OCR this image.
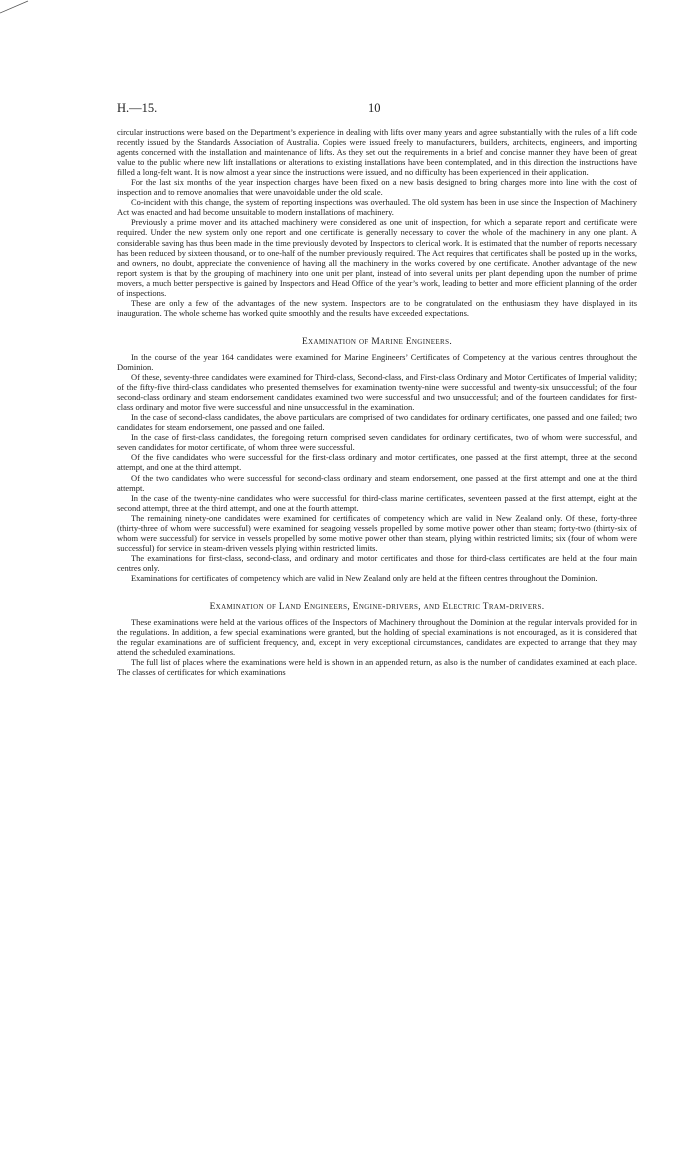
H.—15.	10

circular instructions were based on the Department’s experience in dealing with lifts over many years and agree substantially with the rules of a lift code recently issued by the Standards Association of Australia. Copies were issued freely to manufacturers, builders, architects, engineers, and importing agents concerned with the installation and maintenance of lifts. As they set out the requirements in a brief and concise manner they have been of great value to the public where new lift installations or alterations to existing installations have been contemplated, and in this direction the instructions have filled a long-felt want. It is now almost a year since the instructions were issued, and no difficulty has been experienced in their application.

For the last six months of the year inspection charges have been fixed on a new basis designed to bring charges more into line with the cost of inspection and to remove anomalies that were unavoidable under the old scale.

Co-incident with this change, the system of reporting inspections was overhauled. The old system has been in use since the Inspection of Machinery Act was enacted and had become unsuitable to modern installations of machinery.

Previously a prime mover and its attached machinery were considered as one unit of inspection, for which a separate report and certificate were required. Under the new system only one report and one certificate is generally necessary to cover the whole of the machinery in any one plant. A considerable saving has thus been made in the time previously devoted by Inspectors to clerical work. It is estimated that the number of reports necessary has been reduced by sixteen thousand, or to one-half of the number previously required. The Act requires that certificates shall be posted up in the works, and owners, no doubt, appreciate the convenience of having all the machinery in the works covered by one certificate. Another advantage of the new report system is that by the grouping of machinery into one unit per plant, instead of into several units per plant depending upon the number of prime movers, a much better perspective is gained by Inspectors and Head Office of the year’s work, leading to better and more efficient planning of the order of inspections.

These are only a few of the advantages of the new system. Inspectors are to be congratulated on the enthusiasm they have displayed in its inauguration. The whole scheme has worked quite smoothly and the results have exceeded expectations.

Examination of Marine Engineers.

In the course of the year 164 candidates were examined for Marine Engineers’ Certificates of Competency at the various centres throughout the Dominion.

Of these, seventy-three candidates were examined for Third-class, Second-class, and First-class Ordinary and Motor Certificates of Imperial validity; of the fifty-five third-class candidates who presented themselves for examination twenty-nine were successful and twenty-six unsuccessful; of the four second-class ordinary and steam endorsement candidates examined two were successful and two unsuccessful; and of the fourteen candidates for first-class ordinary and motor five were successful and nine unsuccessful in the examination.

In the case of second-class candidates, the above particulars are comprised of two candidates for ordinary certificates, one passed and one failed; two candidates for steam endorsement, one passed and one failed.

In the case of first-class candidates, the foregoing return comprised seven candidates for ordinary certificates, two of whom were successful, and seven candidates for motor certificate, of whom three were successful.

Of the five candidates who were successful for the first-class ordinary and motor certificates, one passed at the first attempt, three at the second attempt, and one at the third attempt.

Of the two candidates who were successful for second-class ordinary and steam endorsement, one passed at the first attempt and one at the third attempt.

In the case of the twenty-nine candidates who were successful for third-class marine certificates, seventeen passed at the first attempt, eight at the second attempt, three at the third attempt, and one at the fourth attempt.

The remaining ninety-one candidates were examined for certificates of competency which are valid in New Zealand only. Of these, forty-three (thirty-three of whom were successful) were examined for seagoing vessels propelled by some motive power other than steam; forty-two (thirty-six of whom were successful) for service in vessels propelled by some motive power other than steam, plying within restricted limits; six (four of whom were successful) for service in steam-driven vessels plying within restricted limits.

The examinations for first-class, second-class, and ordinary and motor certificates and those for third-class certificates are held at the four main centres only.

Examinations for certificates of competency which are valid in New Zealand only are held at the fifteen centres throughout the Dominion.

Examination of Land Engineers, Engine-drivers, and Electric Tram-drivers.

These examinations were held at the various offices of the Inspectors of Machinery throughout the Dominion at the regular intervals provided for in the regulations. In addition, a few special examinations were granted, but the holding of special examinations is not encouraged, as it is considered that the regular examinations are of sufficient frequency, and, except in very exceptional circumstances, candidates are expected to arrange that they may attend the scheduled examinations.

The full list of places where the examinations were held is shown in an appended return, as also is the number of candidates examined at each place. The classes of certificates for which examinations
